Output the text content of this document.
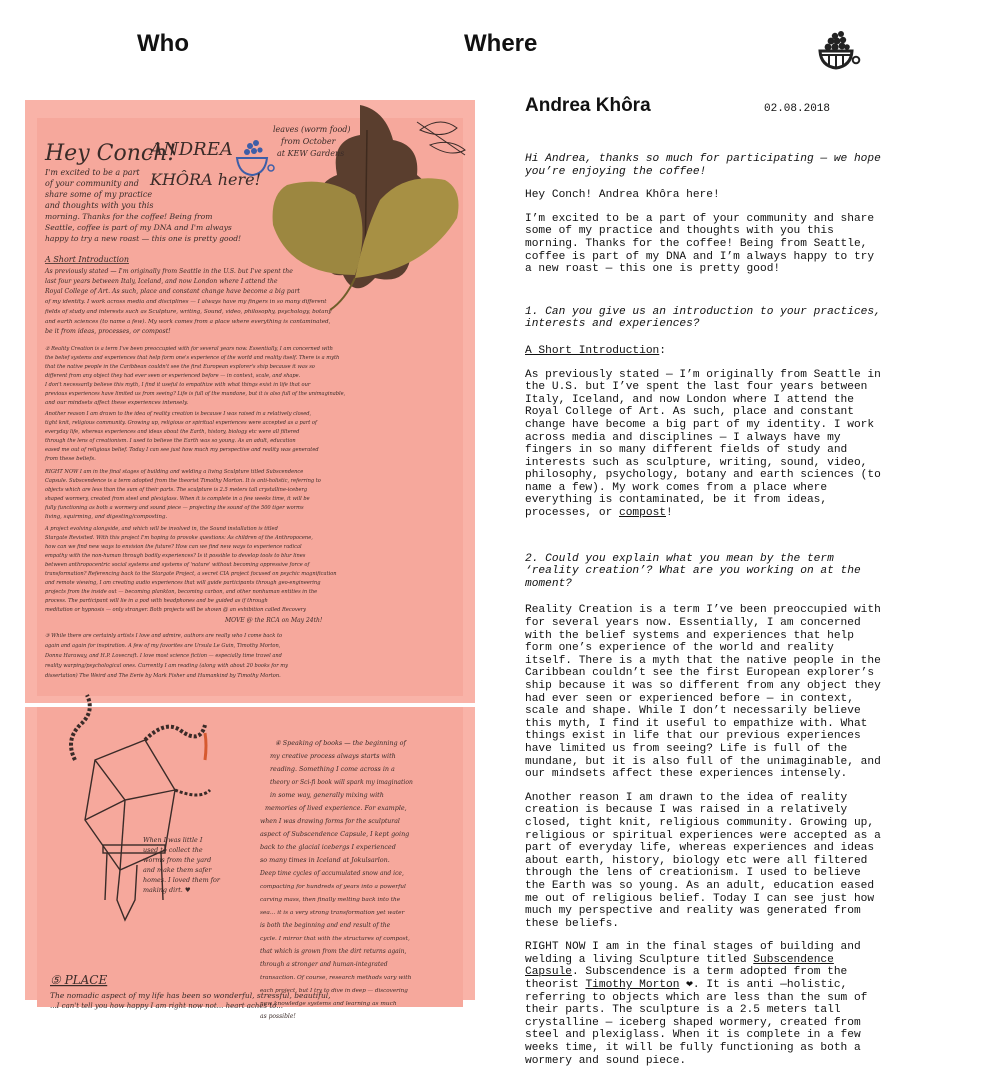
Who	Where
Hey Conch!
ANDREA
KHÔRA here!
leaves (worm food)
from October
at KEW Gardens
I'm excited to be a part
of your community and
share some of my practice
and thoughts with you this
morning. Thanks for the coffee! Being from
Seattle, coffee is part of my DNA and I'm always
happy to try a new roast — this one is pretty good!
A Short Introduction
As previously stated — I'm originally from Seattle in the U.S. but I've spent the
last four years between Italy, Iceland, and now London where I attend the
Royal College of Art. As such, place and constant change have become a big part
of my identity. I work across media and disciplines — I always have my fingers in so many different
fields of study and interests such as Sculpture, writing, Sound, video, philosophy, psychology, botany
and earth sciences (to name a few). My work comes from a place where everything is contaminated,
be it from ideas, processes, or compost!
② Reality Creation is a term I've been preoccupied with for several years now. Essentially, I am concerned with
the belief systems and experiences that help form one's experience of the world and reality itself. There is a myth
that the native people in the Caribbean couldn't see the first European explorer's ship because it was so
different from any object they had ever seen or experienced before — in context, scale, and shape.
I don't necessarily believe this myth, I find it useful to empathize with what things exist in life that our
previous experiences have limited us from seeing? Life is full of the mundane, but it is also full of the unimaginable,
and our mindsets affect these experiences intensely.
Another reason I am drawn to the idea of reality creation is because I was raised in a relatively closed,
tight knit, religious community. Growing up, religious or spiritual experiences were accepted as a part of
everyday life, whereas experiences and ideas about the Earth, history, biology etc were all filtered
through the lens of creationism. I used to believe the Earth was so young. As an adult, education
eased me out of religious belief. Today I can see just how much my perspective and reality was generated
from these beliefs.
RIGHT NOW I am in the final stages of building and welding a living Sculpture titled Subscendence
Capsule. Subscendence is a term adopted from the theorist Timothy Morton. It is anti-holistic, referring to
objects which are less than the sum of their parts. The sculpture is 2.5 meters tall crystalline-iceberg
shaped wormery, created from steel and plexiglass. When it is complete in a few weeks time, it will be
fully functioning as both a wormery and sound piece — projecting the sound of the 500 tiger worms
living, squirming, and digesting/composting.
A project evolving alongside, and which will be involved in, the Sound installation is titled
Stargate Revisited. With this project I'm hoping to provoke questions: As children of the Anthropocene,
how can we find new ways to envision the future? How can we find new ways to experience radical
empathy with the non-human through bodily experiences? Is it possible to develop tools to blur lines
between anthropocentric social systems and systems of 'nature' without becoming oppressive force of
transformation? Referencing back to the Stargate Project, a secret CIA project focused on psychic magnification
and remote viewing, I am creating audio experiences that will guide participants through geo-engineering
projects from the inside out — becoming plankton, becoming carbon, and other nonhuman entities in the
process. The participant will lie in a pod with headphones and be guided as if through
meditation or hypnosis — only stranger. Both projects will be shown @ an exhibition called Recovery
MOVE @ the RCA on May 24th!
③ While there are certainly artists I love and admire, authors are really who I come back to
again and again for inspiration. A few of my favorites are Ursula Le Guin, Timothy Morton,
Donna Haraway, and H.P. Lovecraft. I love most science fiction — especially time travel and
reality warping/psychological ones. Currently I am reading (along with about 20 books for my
dissertation) The Weird and The Eerie by Mark Fisher and Humankind by Timothy Morton.
④ Speaking of books — the beginning of
my creative process always starts with
reading. Something I come across in a
theory or Sci-fi book will spark my imagination
in some way, generally mixing with
memories of lived experience. For example,
when I was drawing forms for the sculptural
aspect of Subscendence Capsule, I kept going
back to the glacial icebergs I experienced
so many times in Iceland at Jokulsarlon.
Deep time cycles of accumulated snow and ice,
compacting for hundreds of years into a powerful
carving mass, then finally melting back into the
sea... it is a very strong transformation yet water
is both the beginning and end result of the
cycle. I mirror that with the structures of compost,
that which is grown from the dirt returns again,
through a stronger and human-integrated
transaction. Of course, research methods vary with
each project, but I try to dive in deep — discovering
new knowledge systems and learning as much
as possible!
When I was little I
used to collect the
worms from the yard
and make them safer
homes. I loved them for
making dirt. ♥
⑤ PLACE
The nomadic aspect of my life has been so wonderful, stressful, beautiful,
...I can't tell you how happy I am right now not... heart aches to...
Andrea Khôra	02.08.2018

Hi Andrea, thanks so much for participating — we hope you’re enjoying the coffee!

Hey Conch! Andrea Khôra here!

I’m excited to be a part of your community and share some of my practice and thoughts with you this morning. Thanks for the coffee! Being from Seattle, coffee is part of my DNA and I’m always happy to try a new roast — this one is pretty good!

1. Can you give us an introduction to your practices, interests and experiences?

A Short Introduction:

As previously stated — I’m originally from Seattle in the U.S. but I’ve spent the last four years between Italy, Iceland, and now London where I attend the Royal College of Art. As such, place and constant change have become a big part of my identity. I work across media and disciplines — I always have my fingers in so many different fields of study and interests such as sculpture, writing, sound, video, philosophy, psychology, botany and earth sciences (to name a few). My work comes from a place where everything is contaminated, be it from ideas, processes, or compost!

2. Could you explain what you mean by the term ‘reality creation’? What are you working on at the moment?

Reality Creation is a term I’ve been preoccupied with for several years now. Essentially, I am concerned with the belief systems and experiences that help form one’s experience of the world and reality itself. There is a myth that the native people in the Caribbean couldn’t see the first European explorer’s ship because it was so different from any object they had ever seen or experienced before — in context, scale and shape. While I don’t necessarily believe this myth, I find it useful to empathize with. What things exist in life that our previous experiences have limited us from seeing? Life is full of the mundane, but it is also full of the unimaginable, and our mindsets affect these experiences intensely.

Another reason I am drawn to the idea of reality creation is because I was raised in a relatively closed, tight knit, religious community. Growing up, religious or spiritual experiences were accepted as a part of everyday life, whereas experiences and ideas about earth, history, biology etc were all filtered through the lens of creationism. I used to believe the Earth was so young. As an adult, education eased me out of religious belief. Today I can see just how much my perspective and reality was generated from these beliefs.

RIGHT NOW I am in the final stages of building and welding a living Sculpture titled Subscendence Capsule. Subscendence is a term adopted from the theorist Timothy Morton ❤. It is anti —holistic, referring to objects which are less than the sum of their parts. The sculpture is a 2.5 meters tall crystalline — iceberg shaped wormery, created from steel and plexiglass. When it is complete in a few weeks time, it will be fully functioning as both a wormery and sound piece.
